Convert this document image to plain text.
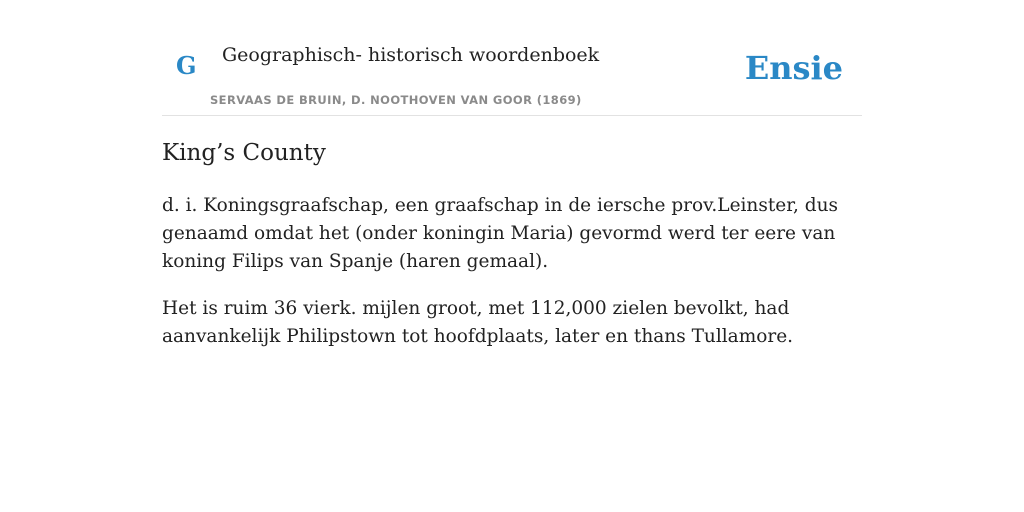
G Geographisch- historisch woordenboek
SERVAAS DE BRUIN, D. NOOTHOVEN VAN GOOR (1869)
Ensie
King’s County

d. i. Koningsgraafschap, een graafschap in de iersche prov.Leinster, dus genaamd omdat het (onder koningin Maria) gevormd werd ter eere van koning Filips van Spanje (haren gemaal).

Het is ruim 36 vierk. mijlen groot, met 112,000 zielen bevolkt, had aanvankelijk Philipstown tot hoofdplaats, later en thans Tullamore.
